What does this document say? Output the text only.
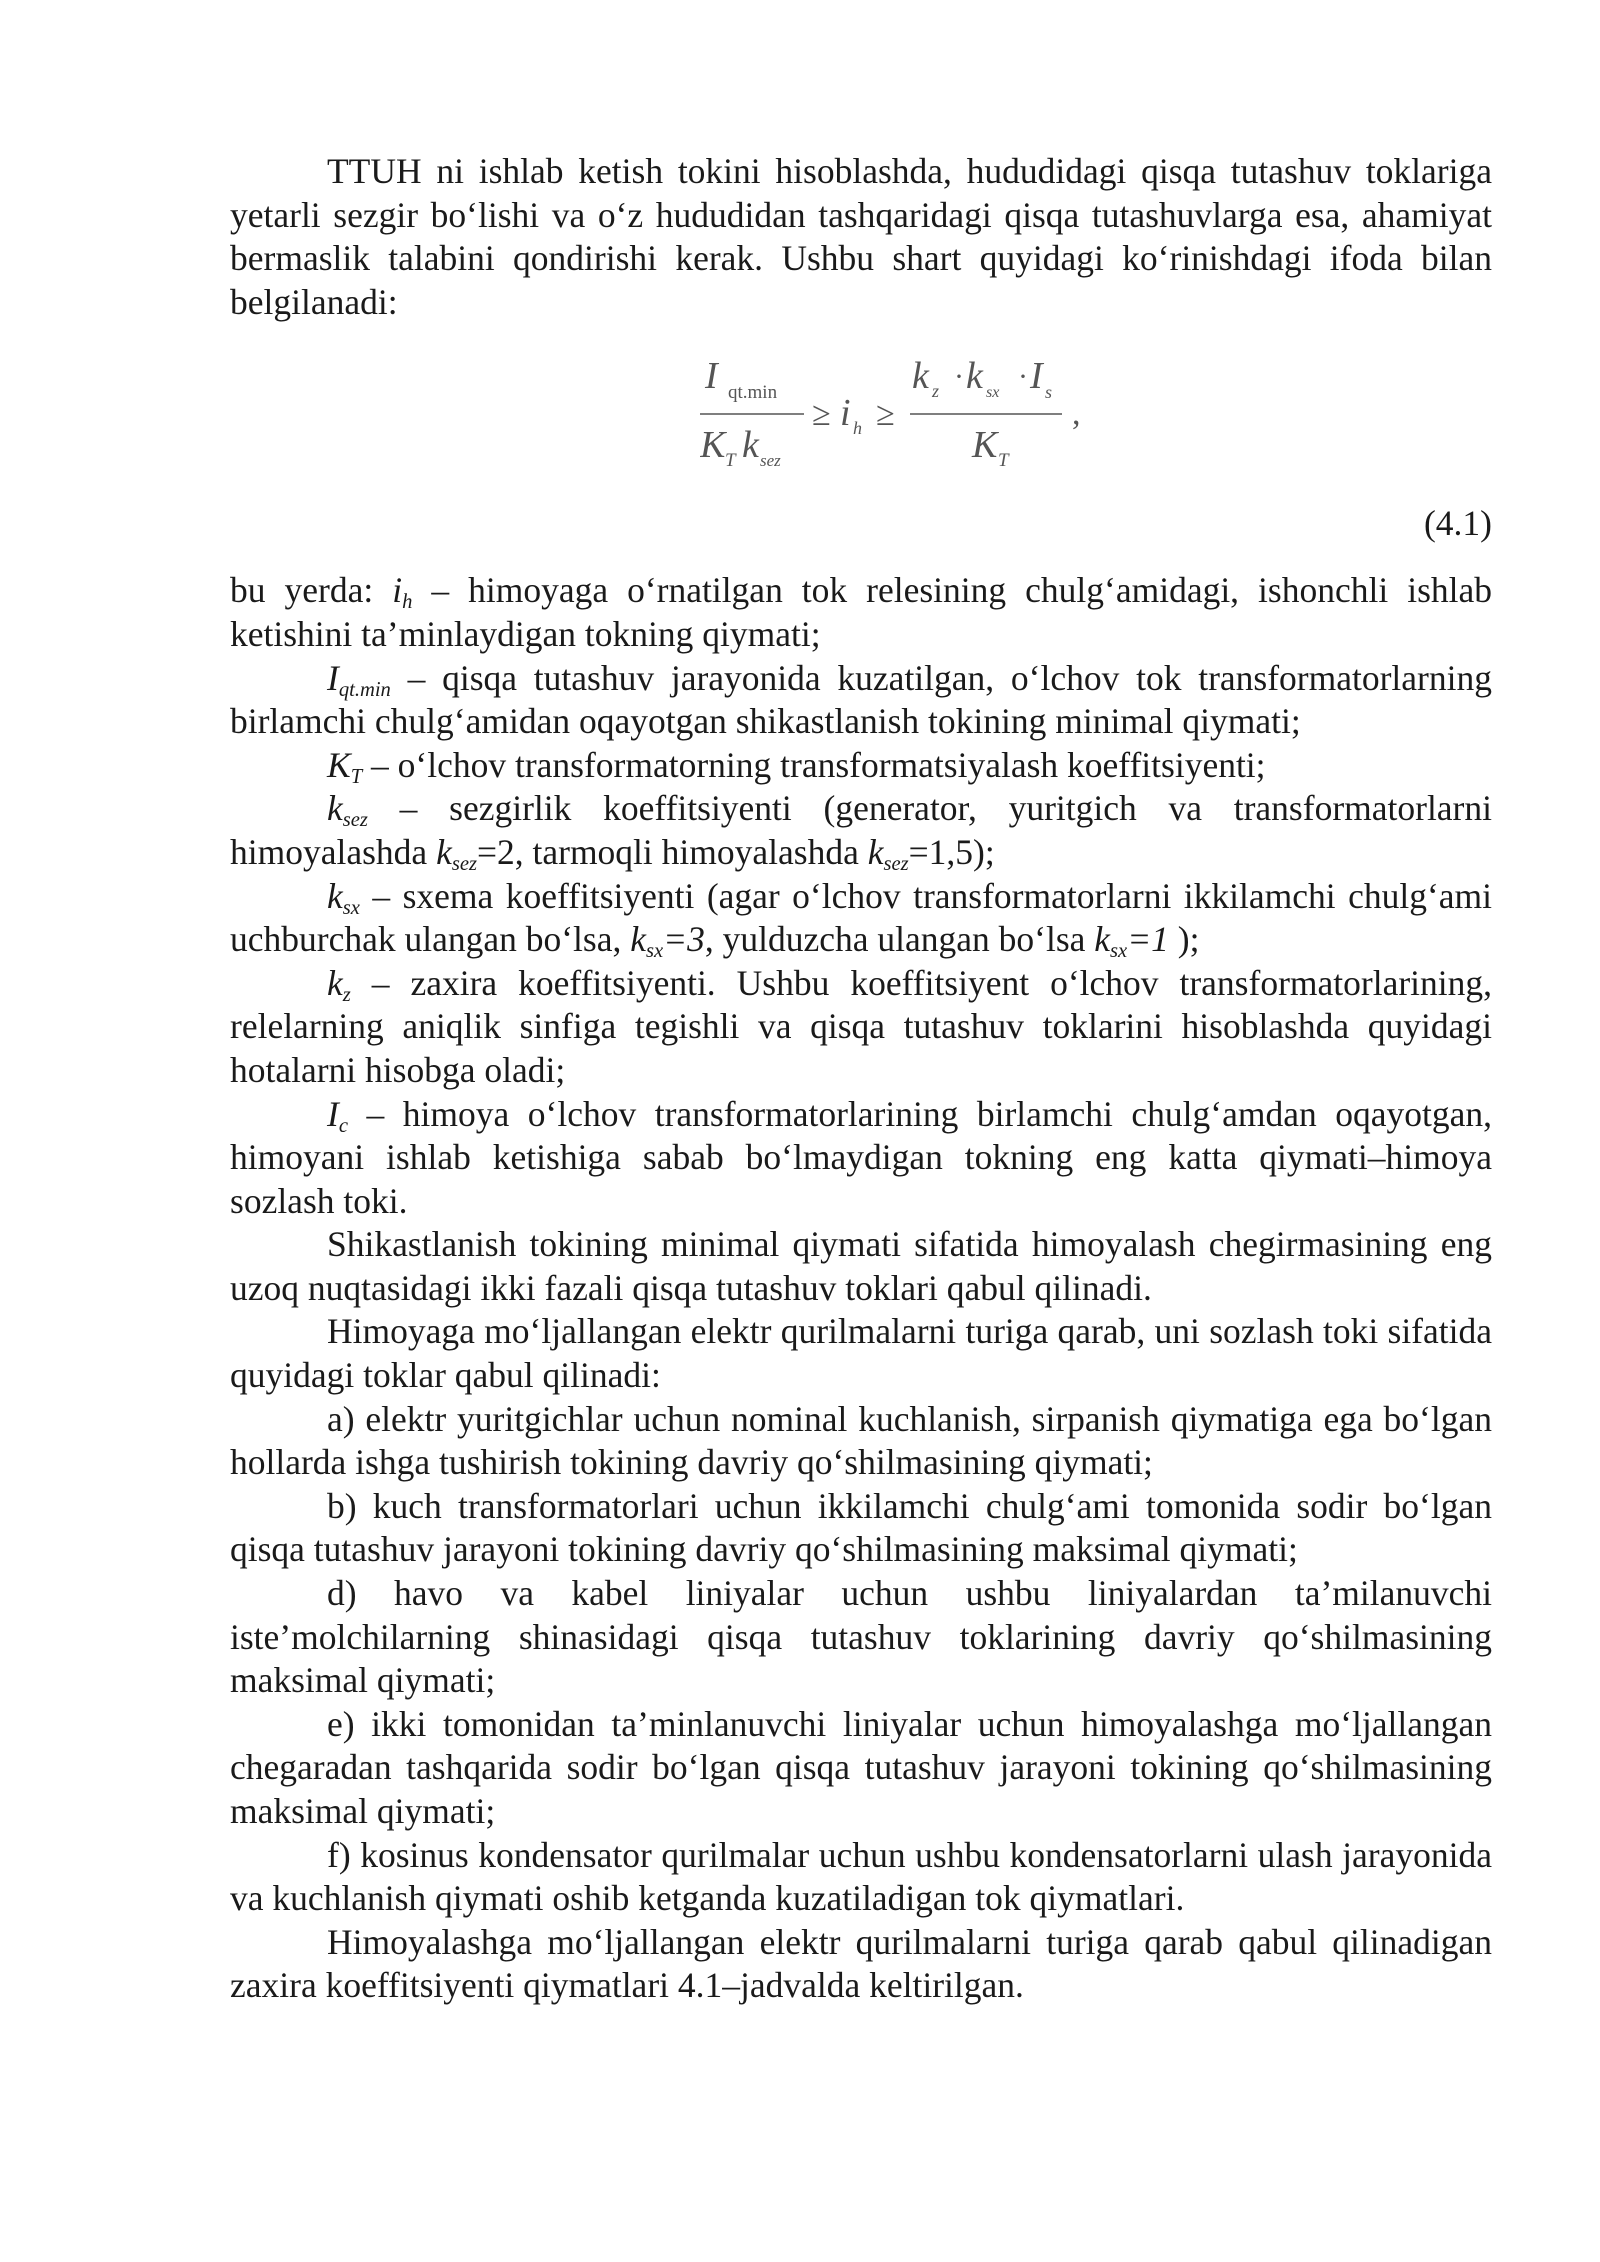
TTUH ni ishlab ketish tokini hisoblashda, hududidagi qisqa tutashuv toklariga yetarli sezgir bo‘lishi va o‘z hududidan tashqaridagi qisqa tutashuvlarga esa, ahamiyat bermaslik talabini qondirishi kerak. Ushbu shart quyidagi ko‘rinishdagi ifoda bilan belgilanadi:

I qt.min
K T k sez
≥ i h ≥
k z · k sx · I s
K T
,
(4.1)

bu yerda: $i_h$ – himoyaga o‘rnatilgan tok relesining chulg‘amidagi, ishonchli ishlab ketishini ta’minlaydigan tokning qiymati;

$I_{qt.min}$ – qisqa tutashuv jarayonida kuzatilgan, o‘lchov tok transformatorlarning birlamchi chulg‘amidan oqayotgan shikastlanish tokining minimal qiymati;

$K_T$ – o‘lchov transformatorning transformatsiyalash koeffitsiyenti;

$k_{sez}$ – sezgirlik koeffitsiyenti (generator, yuritgich va transformatorlarni himoyalashda $k_{sez}=2$, tarmoqli himoyalashda $k_{sez}=1,5$);

$k_{sx}$ – sxema koeffitsiyenti (agar o‘lchov transformatorlarni ikkilamchi chulg‘ami uchburchak ulangan bo‘lsa, $k_{sx}=3$, yulduzcha ulangan bo‘lsa $k_{sx}=1$ );

$k_z$ – zaxira koeffitsiyenti. Ushbu koeffitsiyent o‘lchov transformatorlarining, relelarning aniqlik sinfiga tegishli va qisqa tutashuv toklarini hisoblashda quyidagi hotalarni hisobga oladi;

$I_c$ – himoya o‘lchov transformatorlarining birlamchi chulg‘amdan oqayotgan, himoyani ishlab ketishiga sabab bo‘lmaydigan tokning eng katta qiymati–himoya sozlash toki.

Shikastlanish tokining minimal qiymati sifatida himoyalash chegirmasining eng uzoq nuqtasidagi ikki fazali qisqa tutashuv toklari qabul qilinadi.

Himoyaga mo‘ljallangan elektr qurilmalarni turiga qarab, uni sozlash toki sifatida quyidagi toklar qabul qilinadi:

a) elektr yuritgichlar uchun nominal kuchlanish, sirpanish qiymatiga ega bo‘lgan hollarda ishga tushirish tokining davriy qo‘shilmasining qiymati;

b) kuch transformatorlari uchun ikkilamchi chulg‘ami tomonida sodir bo‘lgan qisqa tutashuv jarayoni tokining davriy qo‘shilmasining maksimal qiymati;

d) havo va kabel liniyalar uchun ushbu liniyalardan ta’milanuvchi iste’molchilarning shinasidagi qisqa tutashuv toklarining davriy qo‘shilmasining maksimal qiymati;

e) ikki tomonidan ta’minlanuvchi liniyalar uchun himoyalashga mo‘ljallangan chegaradan tashqarida sodir bo‘lgan qisqa tutashuv jarayoni tokining qo‘shilmasining maksimal qiymati;

f) kosinus kondensator qurilmalar uchun ushbu kondensatorlarni ulash jarayonida va kuchlanish qiymati oshib ketganda kuzatiladigan tok qiymatlari.

Himoyalashga mo‘ljallangan elektr qurilmalarni turiga qarab qabul qilinadigan zaxira koeffitsiyenti qiymatlari 4.1–jadvalda keltirilgan.
